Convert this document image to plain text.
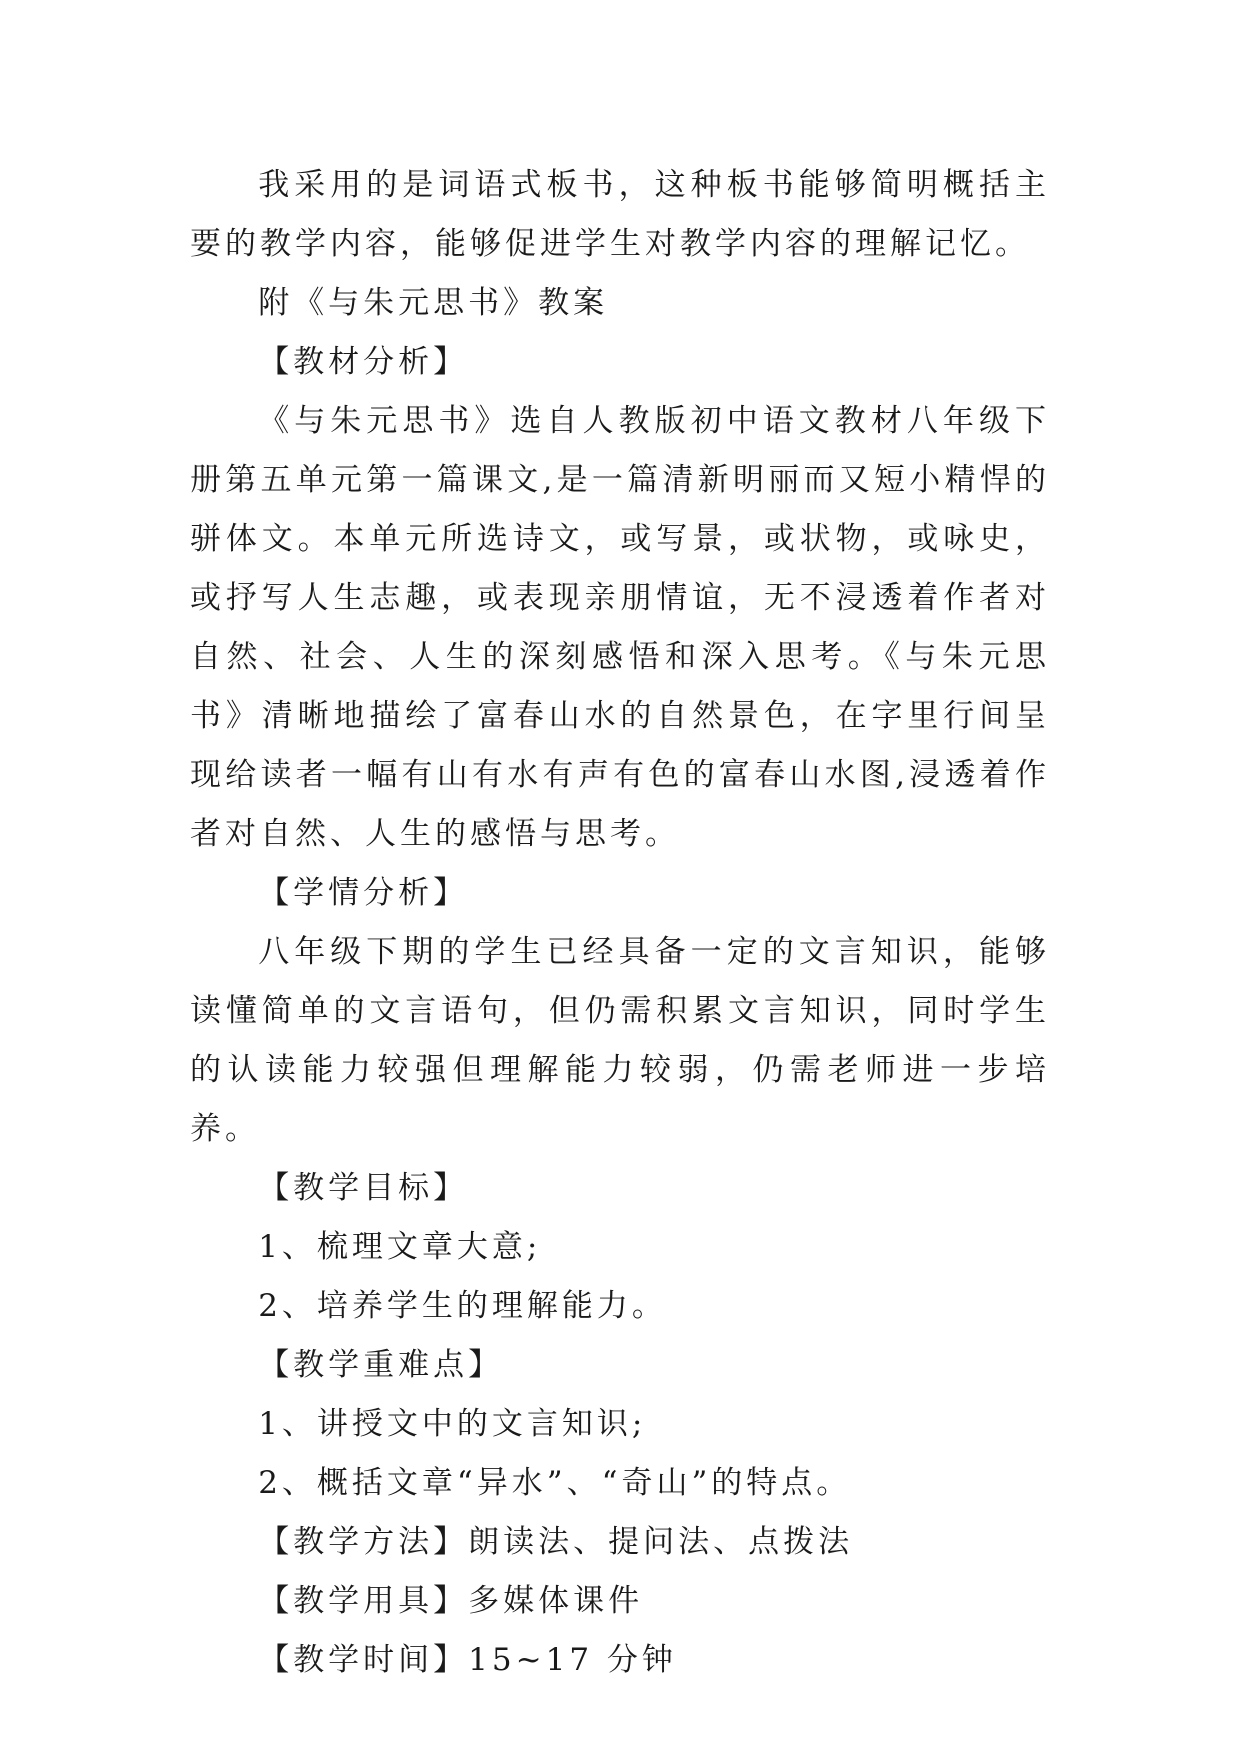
我采用的是词语式板书，这种板书能够简明概括主要的教学内容，能够促进学生对教学内容的理解记忆。

附《与朱元思书》教案

【教材分析】

《与朱元思书》选自人教版初中语文教材八年级下册第五单元第一篇课文,是一篇清新明丽而又短小精悍的骈体文。本单元所选诗文，或写景，或状物，或咏史，或抒写人生志趣，或表现亲朋情谊，无不浸透着作者对自然、社会、人生的深刻感悟和深入思考。《与朱元思书》清晰地描绘了富春山水的自然景色，在字里行间呈现给读者一幅有山有水有声有色的富春山水图,浸透着作者对自然、人生的感悟与思考。

【学情分析】

八年级下期的学生已经具备一定的文言知识，能够读懂简单的文言语句，但仍需积累文言知识，同时学生的认读能力较强但理解能力较弱，仍需老师进一步培养。

【教学目标】

1、梳理文章大意;

2、培养学生的理解能力。

【教学重难点】

1、讲授文中的文言知识;

2、概括文章“异水”、“奇山”的特点。

【教学方法】朗读法、提问法、点拨法

【教学用具】多媒体课件

【教学时间】15~17 分钟
